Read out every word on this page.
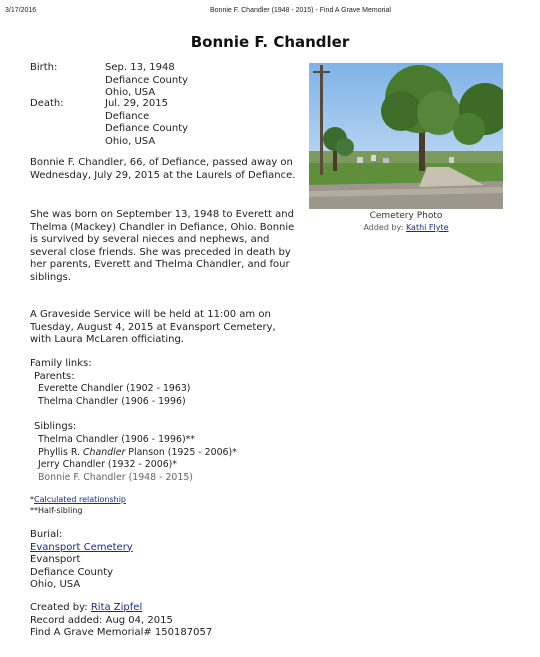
3/17/2016	Bonnie F. Chandler (1948 - 2015) - Find A Grave Memorial
Bonnie F. Chandler
Birth:	Sep. 13, 1948
Defiance County
Ohio, USA
Death:	Jul. 29, 2015
Defiance
Defiance County
Ohio, USA

Bonnie F. Chandler, 66, of Defiance, passed away on Wednesday, July 29, 2015 at the Laurels of Defiance.

She was born on September 13, 1948 to Everett and Thelma (Mackey) Chandler in Defiance, Ohio. Bonnie is survived by several nieces and nephews, and several close friends. She was preceded in death by her parents, Everett and Thelma Chandler, and four siblings.

A Graveside Service will be held at 11:00 am on Tuesday, August 4, 2015 at Evansport Cemetery, with Laura McLaren officiating.

Family links:
Parents:
Everette Chandler (1902 - 1963)
Thelma Chandler (1906 - 1996)
Siblings:
Thelma Chandler (1906 - 1996)**
Phyllis R. Chandler Planson (1925 - 2006)*
Jerry Chandler (1932 - 2006)*
Bonnie F. Chandler (1948 - 2015)
*Calculated relationship
**Half-sibling
Burial:
Evansport Cemetery
Evansport
Defiance County
Ohio, USA
Created by: Rita Zipfel
Record added: Aug 04, 2015
Find A Grave Memorial# 150187057
Cemetery Photo
Added by: Kathi Flyte
